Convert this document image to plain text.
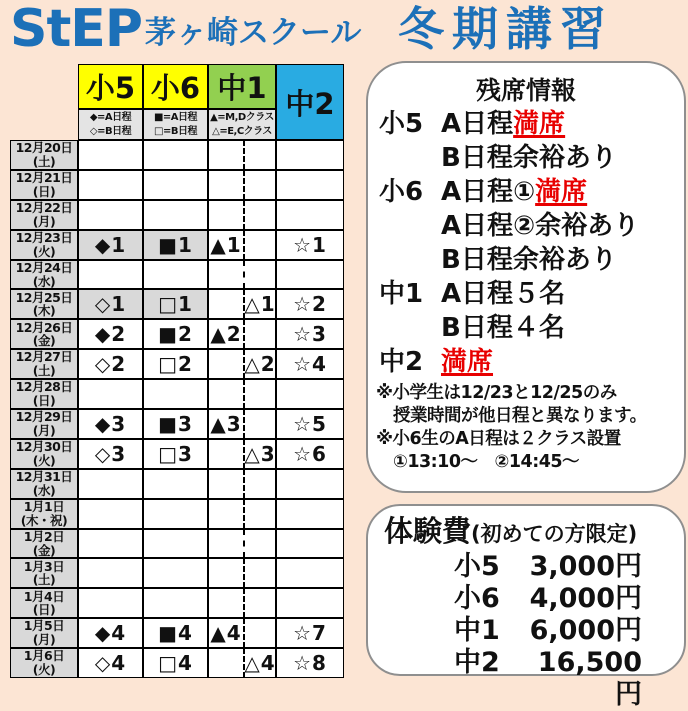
StEP 茅ヶ崎スクール 冬期講習
小5
◆=A日程
◇=B日程
小6
■=A日程
□=B日程
中1
▲=M,Dクラス
△=E,Cクラス
中2
12月20日
(土)
12月21日
(日)
12月22日
(月)
12月23日
(火)	◆1	■1 ▲1	☆1
12月24日
(水)
12月25日
(木)	◇1	□1	△1 ☆2
12月26日
(金)	◆2	■2 ▲2	☆3
12月27日
(土)	◇2	□2	△2 ☆4
12月28日
(日)
12月29日
(月)	◆3	■3 ▲3	☆5
12月30日
(火)	◇3	□3	△3 ☆6
12月31日
(水)
1月1日
(木・祝)
1月2日
(金)
1月3日
(土)
1月4日
(日)
1月5日
(月)	◆4	■4 ▲4	☆7
1月6日
(火)	◇4	□4	△4 ☆8
残席情報
小5 A日程 満席
B日程余裕あり
小6 A日程① 満席
A日程②余裕あり
B日程余裕あり
中1 A日程５名
B日程４名
中2 満席
※小学生は12/23と12/25のみ
　授業時間が他日程と異なります。
※小6生のA日程は２クラス設置
　①13:10～　②14:45～
体験費(初めての方限定)
小5	3,000円
小6	4,000円
中1	6,000円
中2	16,500円
